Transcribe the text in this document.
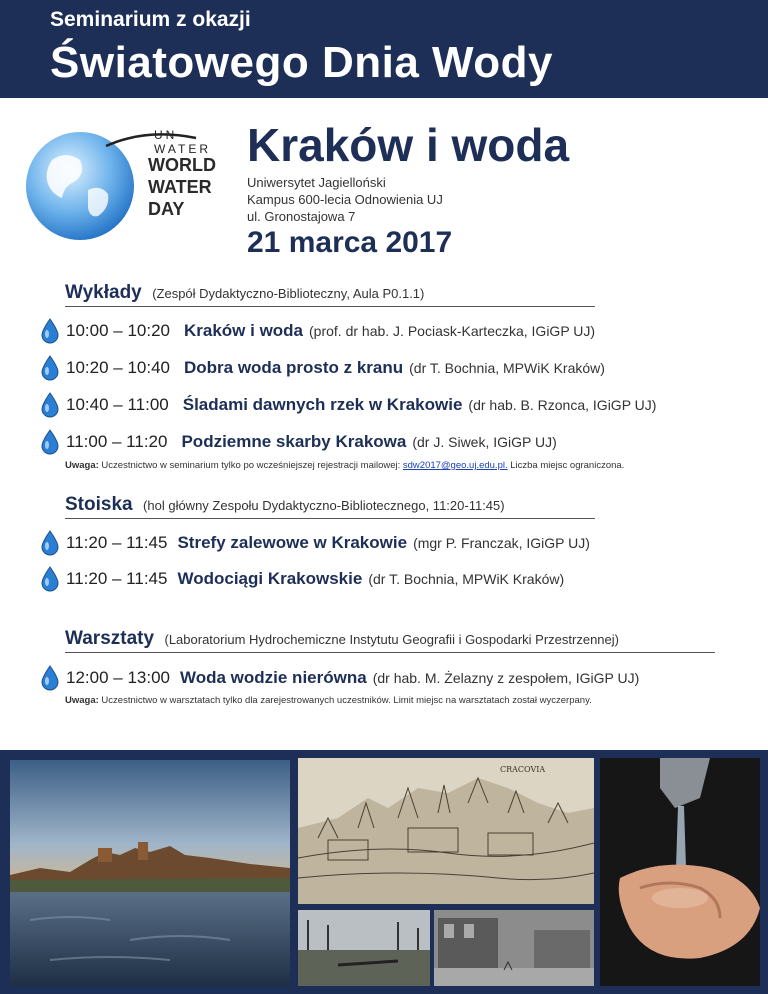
Seminarium z okazji
Światowego Dnia Wody
UN WATER
WORLD
WATER
DAY
Kraków i woda
Uniwersytet Jagielloński
Kampus 600-lecia Odnowienia UJ
ul. Gronostajowa 7
21 marca 2017
Wykłady (Zespół Dydaktyczno-Biblioteczny, Aula P0.1.1)
10:00 – 10:20 Kraków i woda (prof. dr hab. J. Pociask-Karteczka, IGiGP UJ)
10:20 – 10:40 Dobra woda prosto z kranu (dr T. Bochnia, MPWiK Kraków)
10:40 – 11:00 Śladami dawnych rzek w Krakowie (dr hab. B. Rzonca, IGiGP UJ)
11:00 – 11:20 Podziemne skarby Krakowa (dr J. Siwek, IGiGP UJ)
Uwaga: Uczestnictwo w seminarium tylko po wcześniejszej rejestracji mailowej: sdw2017@geo.uj.edu.pl. Liczba miejsc ograniczona.
Stoiska (hol główny Zespołu Dydaktyczno-Bibliotecznego, 11:20-11:45)
11:20 – 11:45 Strefy zalewowe w Krakowie (mgr P. Franczak, IGiGP UJ)
11:20 – 11:45 Wodociągi Krakowskie (dr T. Bochnia, MPWiK Kraków)
Warsztaty (Laboratorium Hydrochemiczne Instytutu Geografii i Gospodarki Przestrzennej)
12:00 – 13:00 Woda wodzie nierówna (dr hab. M. Żelazny z zespołem, IGiGP UJ)
Uwaga: Uczestnictwo w warsztatach tylko dla zarejestrowanych uczestników. Limit miejsc na warsztatach został wyczerpany.
CRACOVIA
